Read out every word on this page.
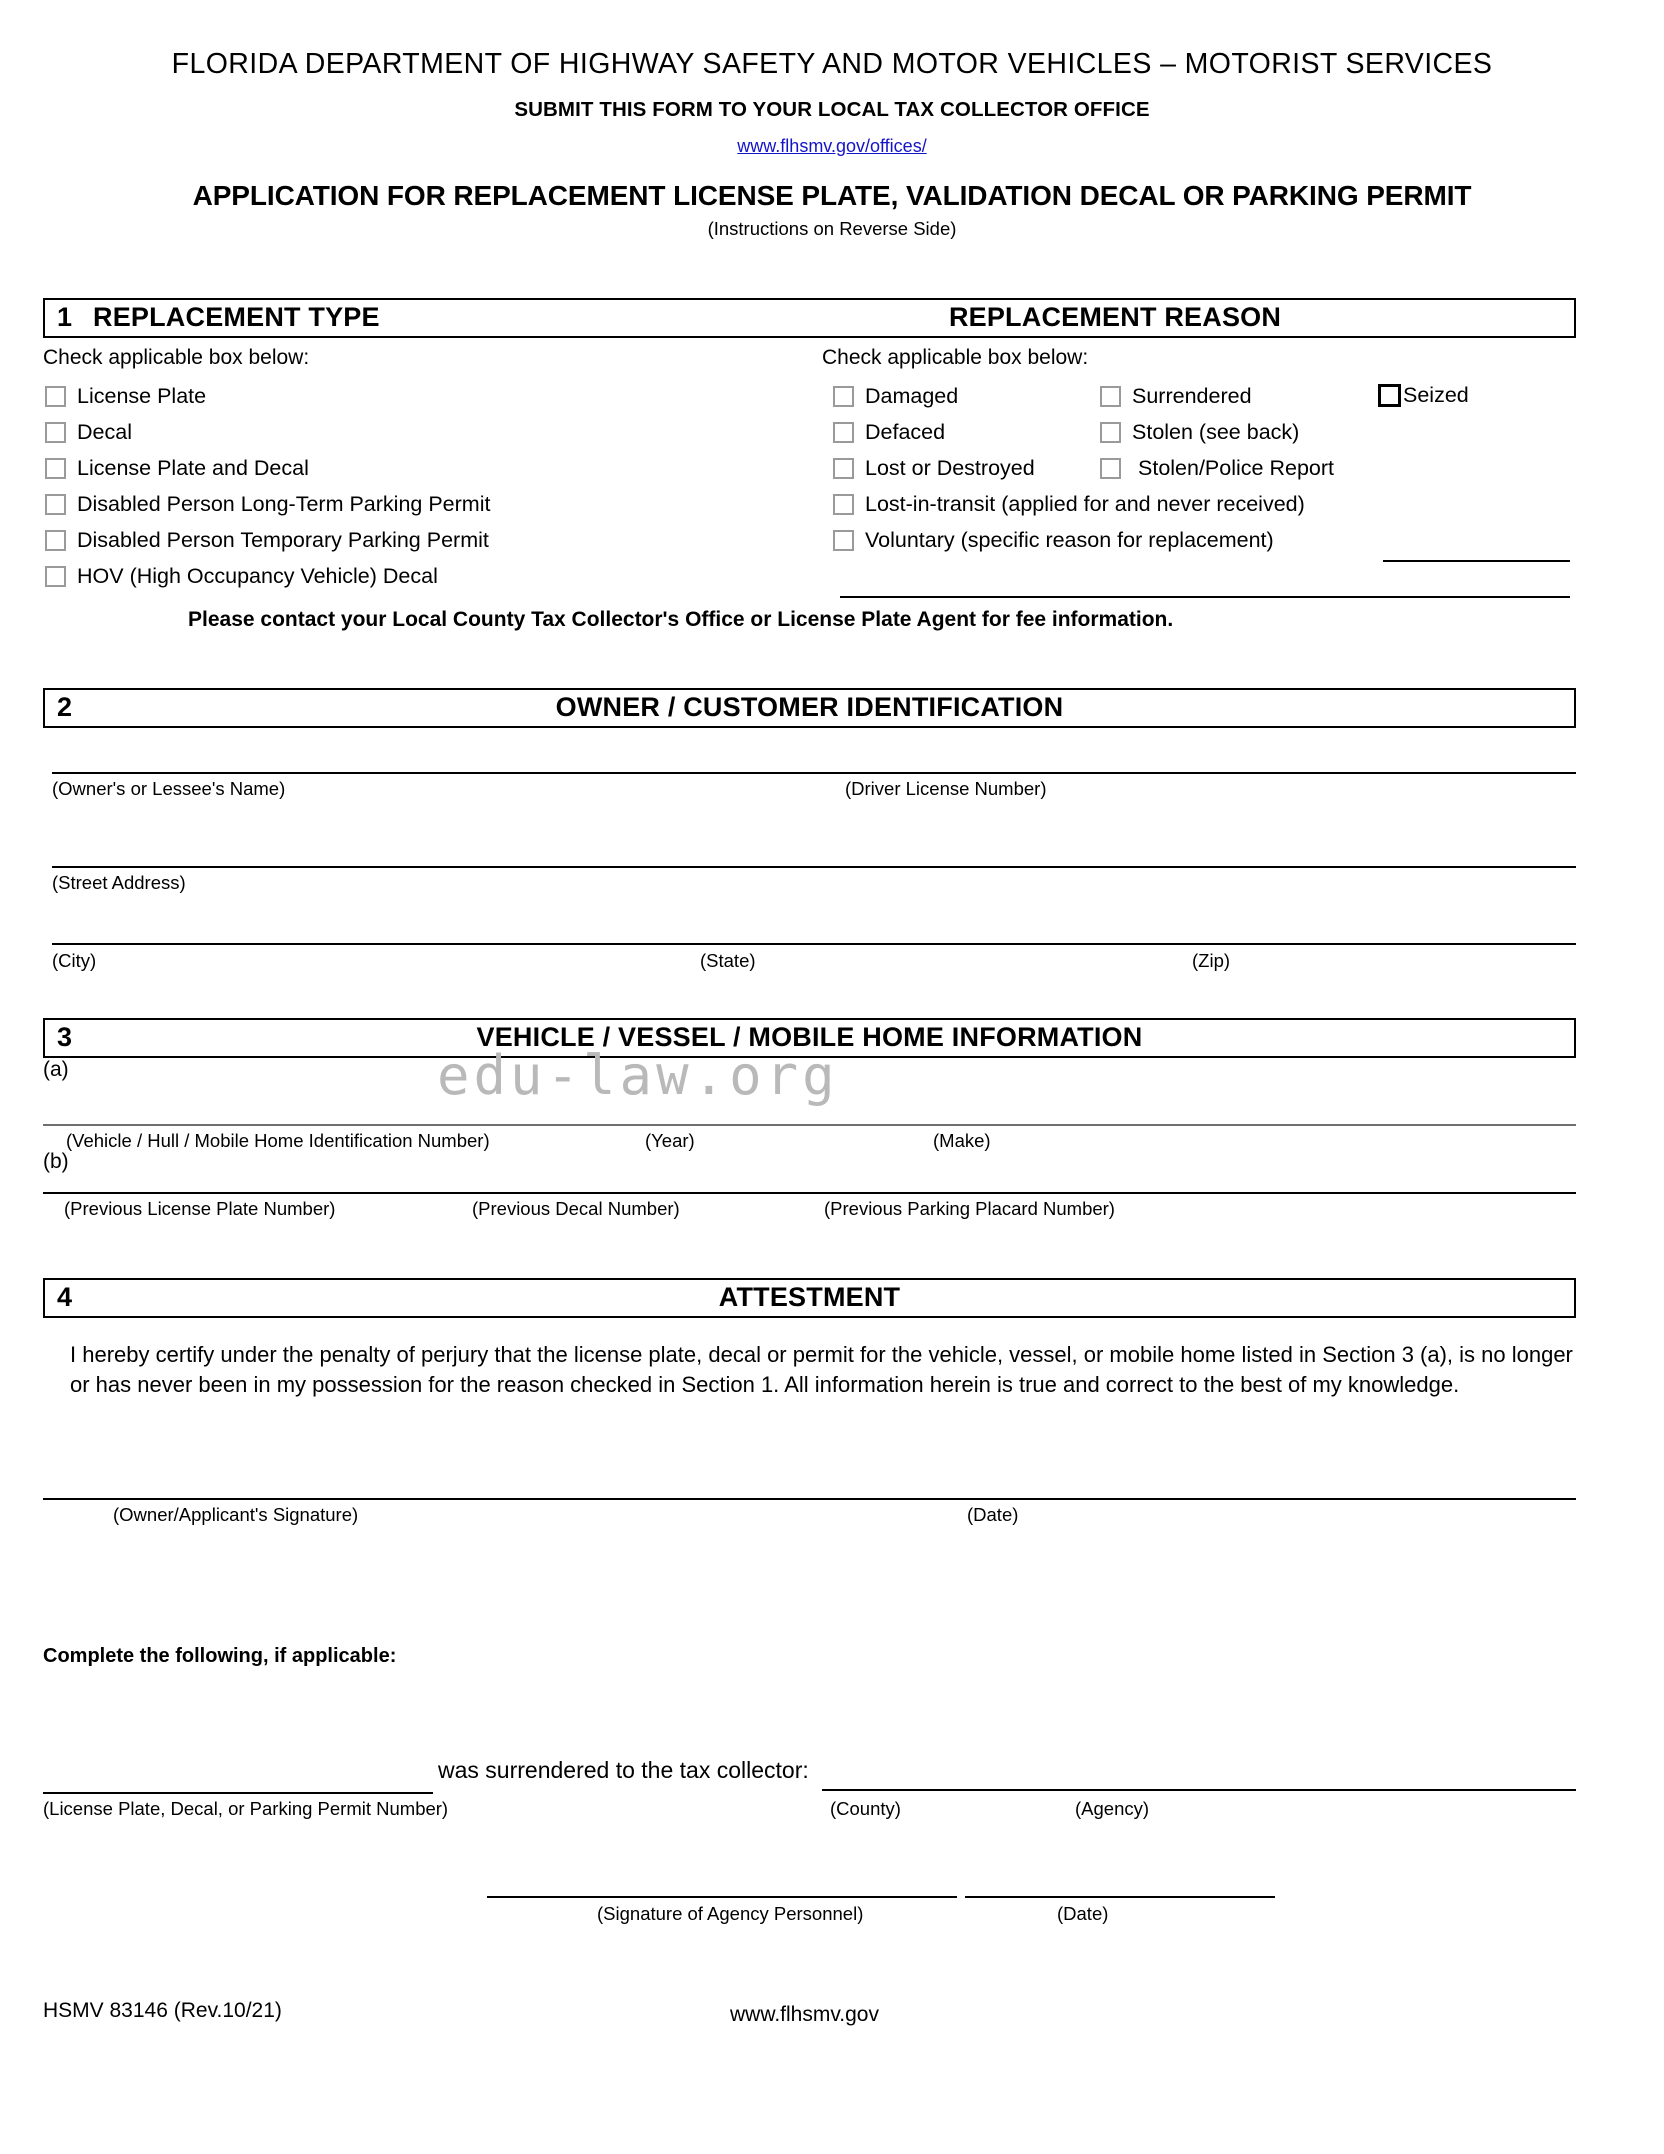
FLORIDA DEPARTMENT OF HIGHWAY SAFETY AND MOTOR VEHICLES – MOTORIST SERVICES
SUBMIT THIS FORM TO YOUR LOCAL TAX COLLECTOR OFFICE
www.flhsmv.gov/offices/
APPLICATION FOR REPLACEMENT LICENSE PLATE, VALIDATION DECAL OR PARKING PERMIT
(Instructions on Reverse Side)
1 REPLACEMENT TYPE	REPLACEMENT REASON
Check applicable box below:
License Plate
Decal
License Plate and Decal
Disabled Person Long-Term Parking Permit
Disabled Person Temporary Parking Permit
HOV (High Occupancy Vehicle) Decal
Check applicable box below:
Damaged
Defaced
Lost or Destroyed
Lost-in-transit (applied for and never received)
Voluntary (specific reason for replacement)
Surrendered
Stolen (see back)
Stolen/Police Report
Seized
Please contact your Local County Tax Collector's Office or License Plate Agent for fee information.
2	OWNER / CUSTOMER IDENTIFICATION
(Owner's or Lessee's Name)	(Driver License Number)
(Street Address)
(City)	(State)	(Zip)
3	VEHICLE / VESSEL / MOBILE HOME INFORMATION
edu-law.org
(a)
(Vehicle / Hull / Mobile Home Identification Number)	(Year)	(Make)
(b)
(Previous License Plate Number)	(Previous Decal Number)	(Previous Parking Placard Number)
4	ATTESTMENT
I hereby certify under the penalty of perjury that the license plate, decal or permit for the vehicle, vessel, or mobile home listed in Section 3 (a), is no longer or has never been in my possession for the reason checked in Section 1. All information herein is true and correct to the best of my knowledge.
(Owner/Applicant's Signature)	(Date)
Complete the following, if applicable:
was surrendered to the tax collector:
(License Plate, Decal, or Parking Permit Number)	(County)	(Agency)
(Signature of Agency Personnel)	(Date)
HSMV 83146 (Rev.10/21)	www.flhsmv.gov
